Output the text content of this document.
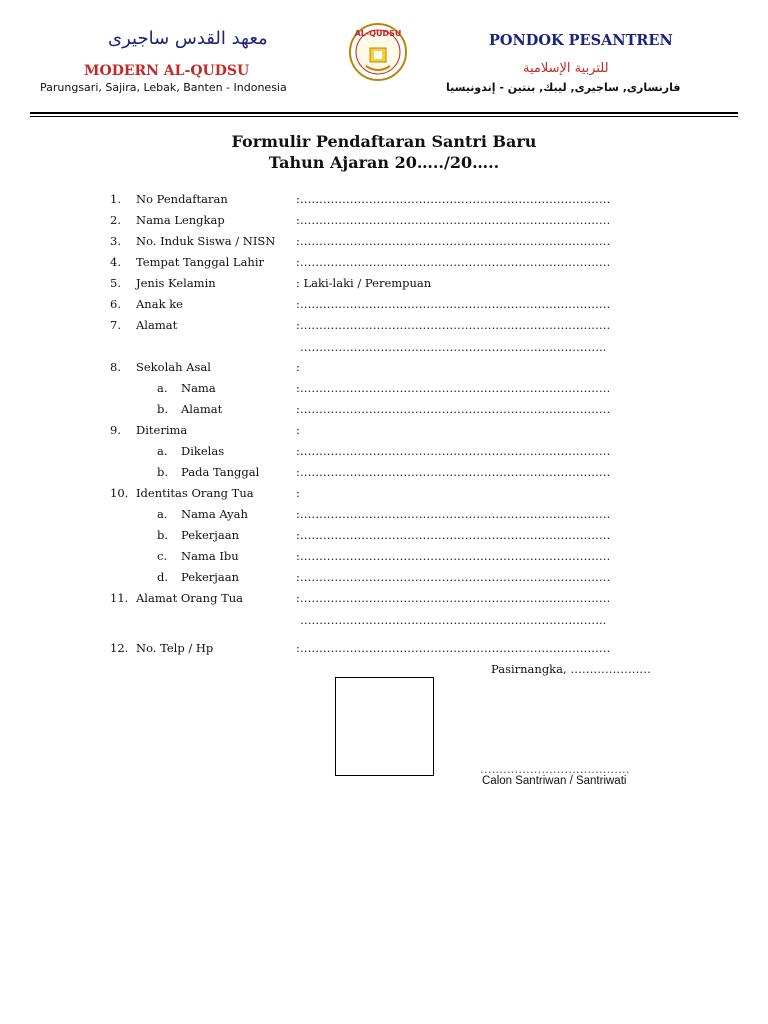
معهد القدس ساجيرى
MODERN AL-QUDSU
Parungsari, Sajira, Lebak, Banten - Indonesia
AL-QUDSU	PONDOK PESANTREN
للتربية الإسلامية
فارنسارى, ساجيرى, ليبك, بنتين - إندونيسيا
Formulir Pendaftaran Santri Baru
Tahun Ajaran 20…../20…..
1. No Pendaftaran	:………………………………………………………………………
2. Nama Lengkap	:………………………………………………………………………
3. No. Induk Siswa / NISN :………………………………………………………………………
4. Tempat Tanggal Lahir	:………………………………………………………………………
5. Jenis Kelamin	: Laki-laki / Perempuan
6. Anak ke	:………………………………………………………………………
7. Alamat	:………………………………………………………………………
……………………………………………………………………..
8. Sekolah Asal	:
a. Nama	:………………………………………………………………………
b. Alamat	:………………………………………………………………………
9. Diterima	:
a. Dikelas	:………………………………………………………………………
b. Pada Tanggal	:………………………………………………………………………
10. Identitas Orang Tua	:
a. Nama Ayah	:………………………………………………………………………
b. Pekerjaan	:………………………………………………………………………
c. Nama Ibu	:………………………………………………………………………
d. Pekerjaan	:………………………………………………………………………
11. Alamat Orang Tua	:………………………………………………………………………
……………………………………………………………………..
12. No. Telp / Hp	:………………………………………………………………………
Pasirnangka, …………………
…………………………………
Calon Santriwan / Santriwati
